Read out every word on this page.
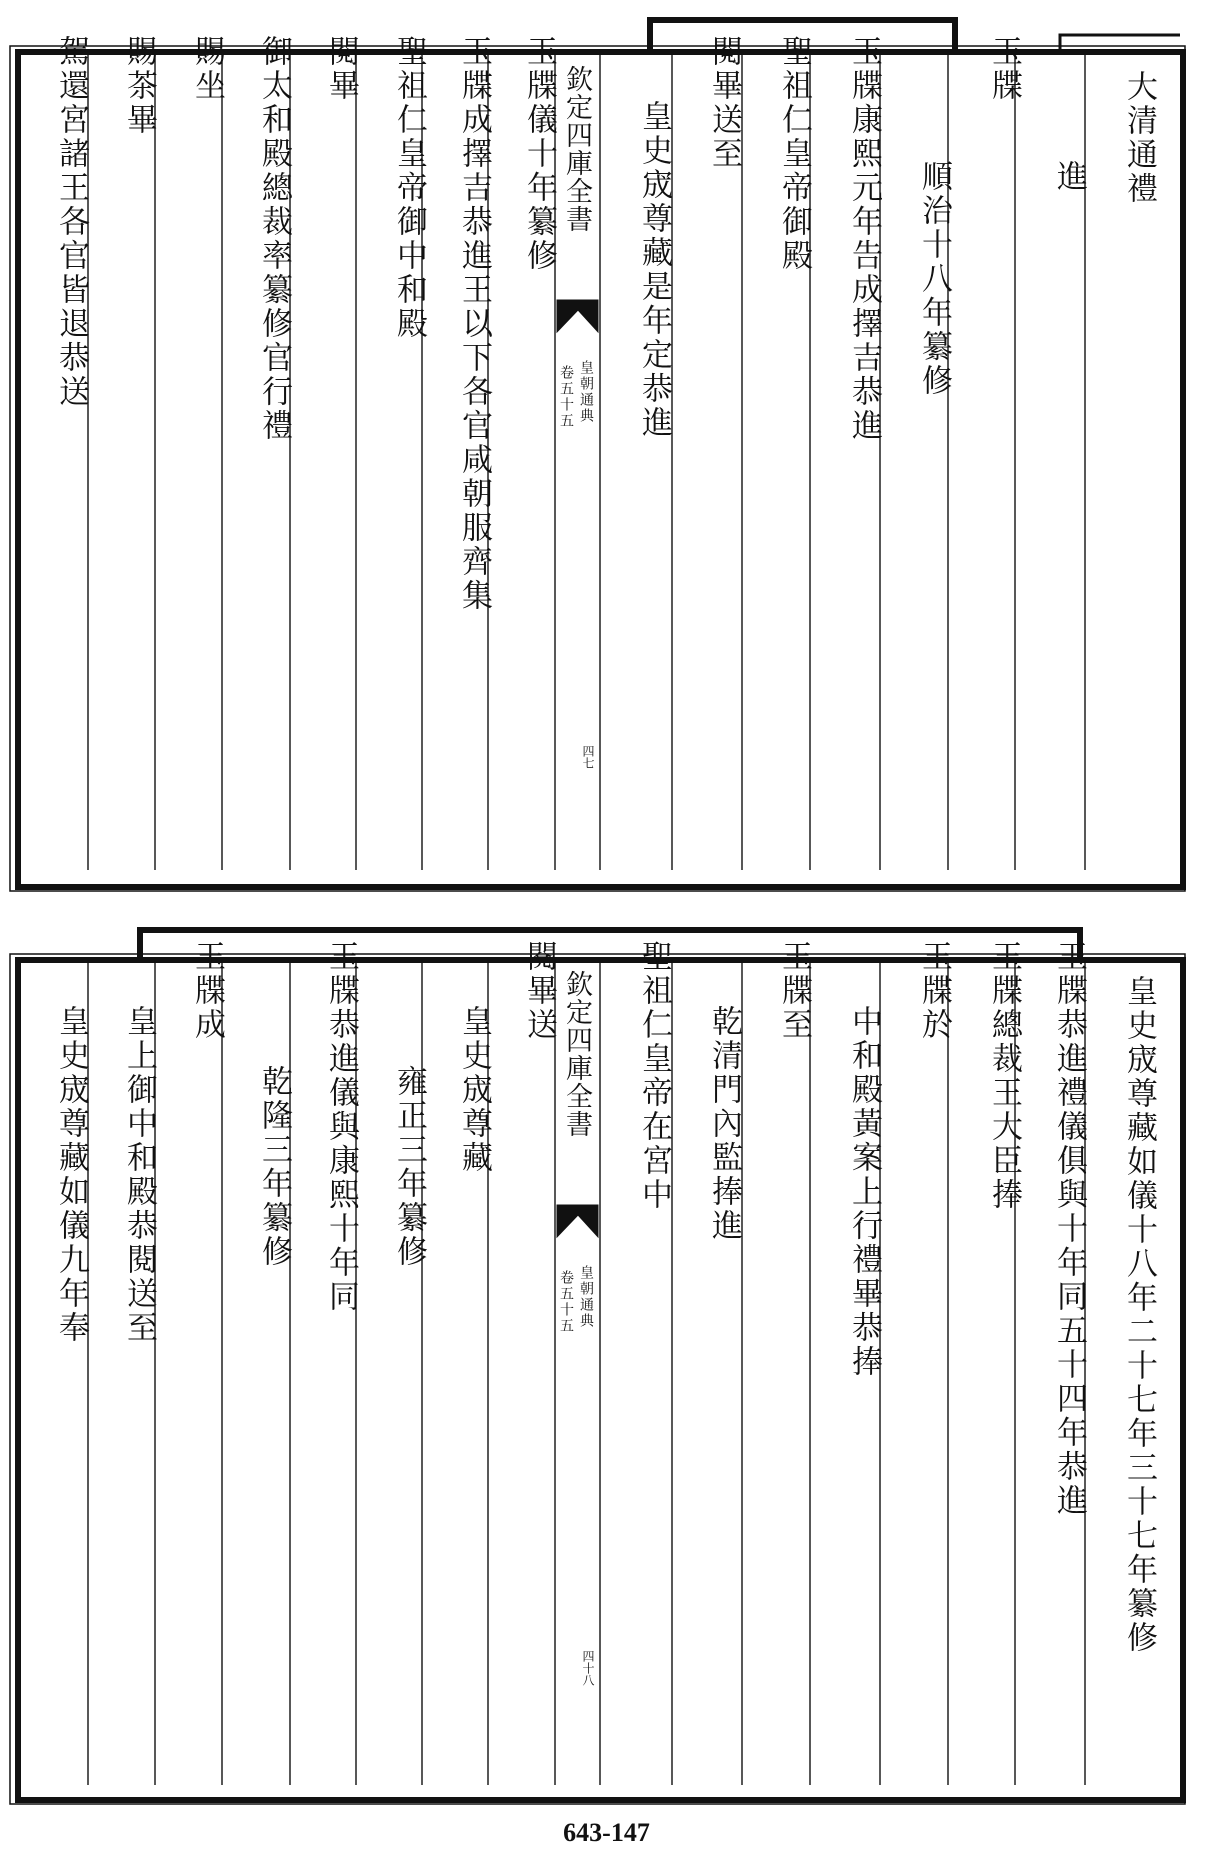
大清通禮
進
順治十八年纂修
玉牒
玉牒康熙元年告成擇吉恭進
聖祖仁皇帝御殿
閱畢送至
皇史宬尊藏是年定恭進
玉牒儀十年纂修
玉牒成擇吉恭進王以下各官咸朝服齊集
聖祖仁皇帝御中和殿
閱畢
御太和殿總裁率纂修官行禮
賜坐
賜茶畢
駕還宮諸王各官皆退恭送	欽定四庫全書
皇朝通典
卷五十五
四七
皇史宬尊藏如儀十八年二十七年三十七年纂修
玉牒恭進禮儀俱與十年同五十四年恭進
玉牒總裁王大臣捧
玉牒於
中和殿黃案上行禮畢恭捧
玉牒至
乾清門內監捧進
聖祖仁皇帝在宮中
閱畢送
皇史宬尊藏
雍正三年纂修
玉牒恭進儀與康熙十年同
乾隆三年纂修
玉牒成
皇上御中和殿恭閱送至
皇史宬尊藏如儀九年奉	欽定四庫全書
皇朝通典
卷五十五
四十八
643-147
